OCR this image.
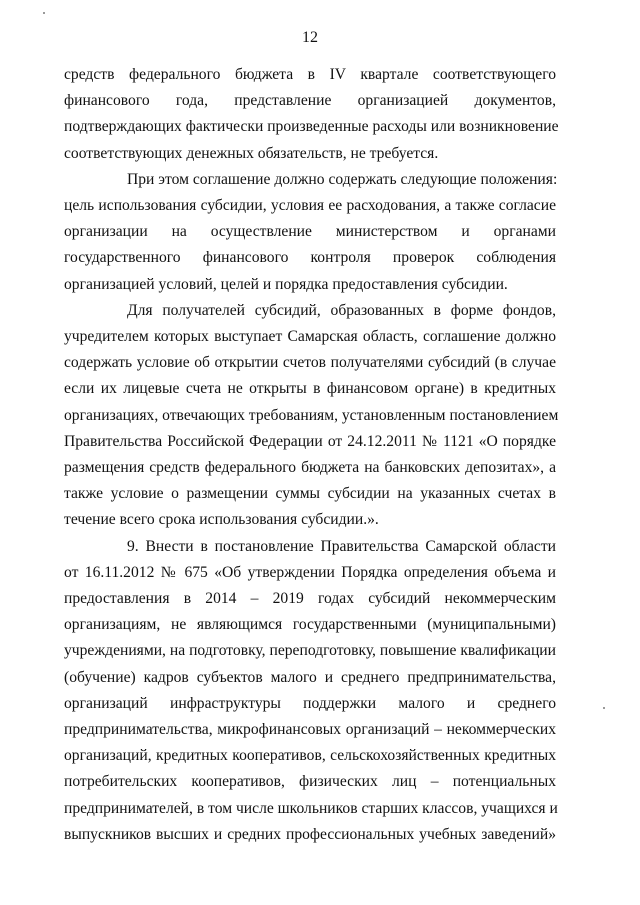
12

средств федерального бюджета в IV квартале соответствующего
финансового года, представление организацией документов,
подтверждающих фактически произведенные расходы или возникновение
соответствующих денежных обязательств, не требуется.

При этом соглашение должно содержать следующие положения:
цель использования субсидии, условия ее расходования, а также согласие
организации на осуществление министерством и органами
государственного финансового контроля проверок соблюдения
организацией условий, целей и порядка предоставления субсидии.

Для получателей субсидий, образованных в форме фондов,
учредителем которых выступает Самарская область, соглашение должно
содержать условие об открытии счетов получателями субсидий (в случае
если их лицевые счета не открыты в финансовом органе) в кредитных
организациях, отвечающих требованиям, установленным постановлением
Правительства Российской Федерации от 24.12.2011 № 1121 «О порядке
размещения средств федерального бюджета на банковских депозитах», а
также условие о размещении суммы субсидии на указанных счетах в
течение всего срока использования субсидии.».

9. Внести в постановление Правительства Самарской области
от 16.11.2012 № 675 «Об утверждении Порядка определения объема и
предоставления в 2014 – 2019 годах субсидий некоммерческим
организациям, не являющимся государственными (муниципальными)
учреждениями, на подготовку, переподготовку, повышение квалификации
(обучение) кадров субъектов малого и среднего предпринимательства,
организаций инфраструктуры поддержки малого и среднего
предпринимательства, микрофинансовых организаций – некоммерческих
организаций, кредитных кооперативов, сельскохозяйственных кредитных
потребительских кооперативов, физических лиц – потенциальных
предпринимателей, в том числе школьников старших классов, учащихся и
выпускников высших и средних профессиональных учебных заведений»
